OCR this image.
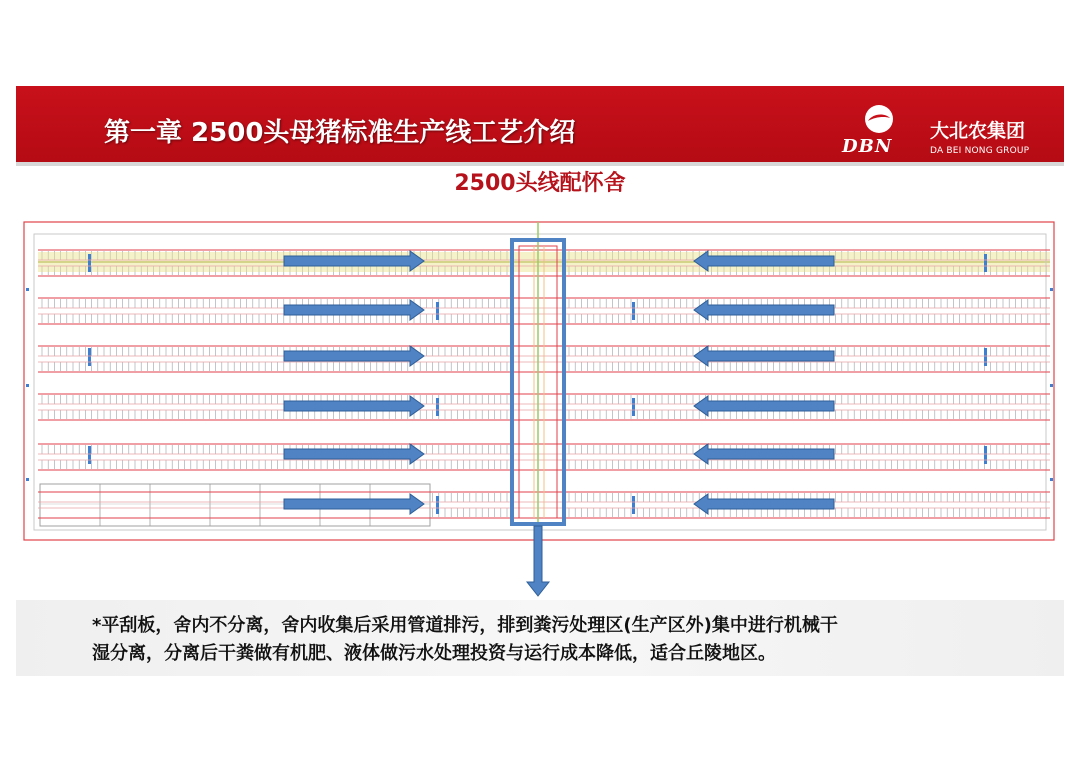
第一章 2500头母猪标准生产线工艺介绍	DBN
大北农集团
DA BEI NONG GROUP
2500头线配怀舍
*平刮板，舍内不分离，舍内收集后采用管道排污，排到粪污处理区(生产区外)集中进行机械干
湿分离，分离后干粪做有机肥、液体做污水处理投资与运行成本降低，适合丘陵地区。
